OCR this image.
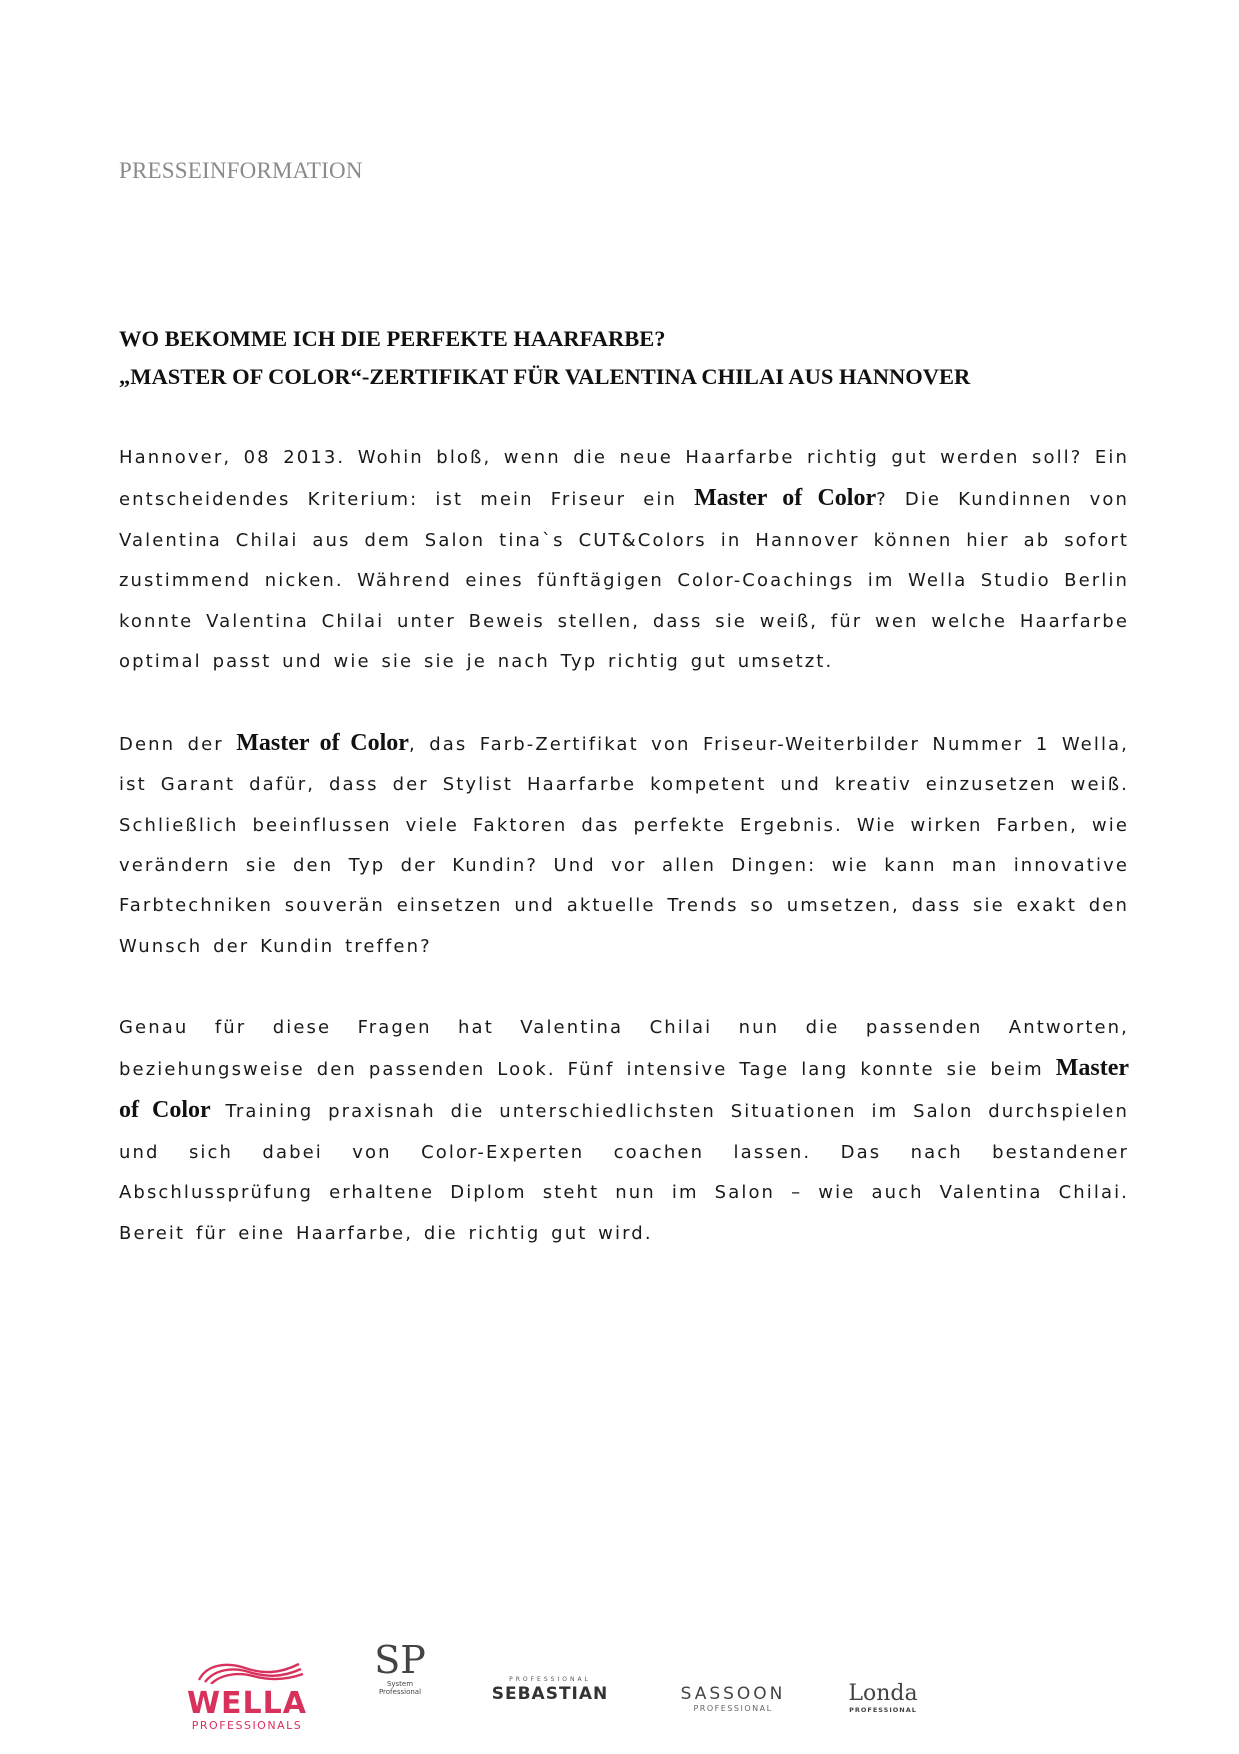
PRESSEINFORMATION
WO BEKOMME ICH DIE PERFEKTE HAARFARBE?
„MASTER OF COLOR“-ZERTIFIKAT FÜR VALENTINA CHILAI AUS HANNOVER

Hannover, 08 2013. Wohin bloß, wenn die neue Haarfarbe richtig gut werden soll? Ein entscheidendes Kriterium: ist mein Friseur ein Master of Color? Die Kundinnen von Valentina Chilai aus dem Salon tina`s CUT&Colors in Hannover können hier ab sofort zustimmend nicken. Während eines fünftägigen Color-Coachings im Wella Studio Berlin konnte Valentina Chilai unter Beweis stellen, dass sie weiß, für wen welche Haarfarbe optimal passt und wie sie sie je nach Typ richtig gut umsetzt.

Denn der Master of Color, das Farb-Zertifikat von Friseur-Weiterbilder Nummer 1 Wella, ist Garant dafür, dass der Stylist Haarfarbe kompetent und kreativ einzusetzen weiß. Schließlich beeinflussen viele Faktoren das perfekte Ergebnis. Wie wirken Farben, wie verändern sie den Typ der Kundin? Und vor allen Dingen: wie kann man innovative Farbtechniken souverän einsetzen und aktuelle Trends so umsetzen, dass sie exakt den Wunsch der Kundin treffen?

Genau für diese Fragen hat Valentina Chilai nun die passenden Antworten, beziehungsweise den passenden Look. Fünf intensive Tage lang konnte sie beim Master of Color Training praxisnah die unterschiedlichsten Situationen im Salon durchspielen und sich dabei von Color-Experten coachen lassen. Das nach bestandener Abschlussprüfung erhaltene Diplom steht nun im Salon – wie auch Valentina Chilai. Bereit für eine Haarfarbe, die richtig gut wird.

WELLA
PROFESSIONALS
SP
System
Professional
PROFESSIONAL
SEBASTIAN	SASSOON
PROFESSIONAL
Londa
PROFESSIONAL
